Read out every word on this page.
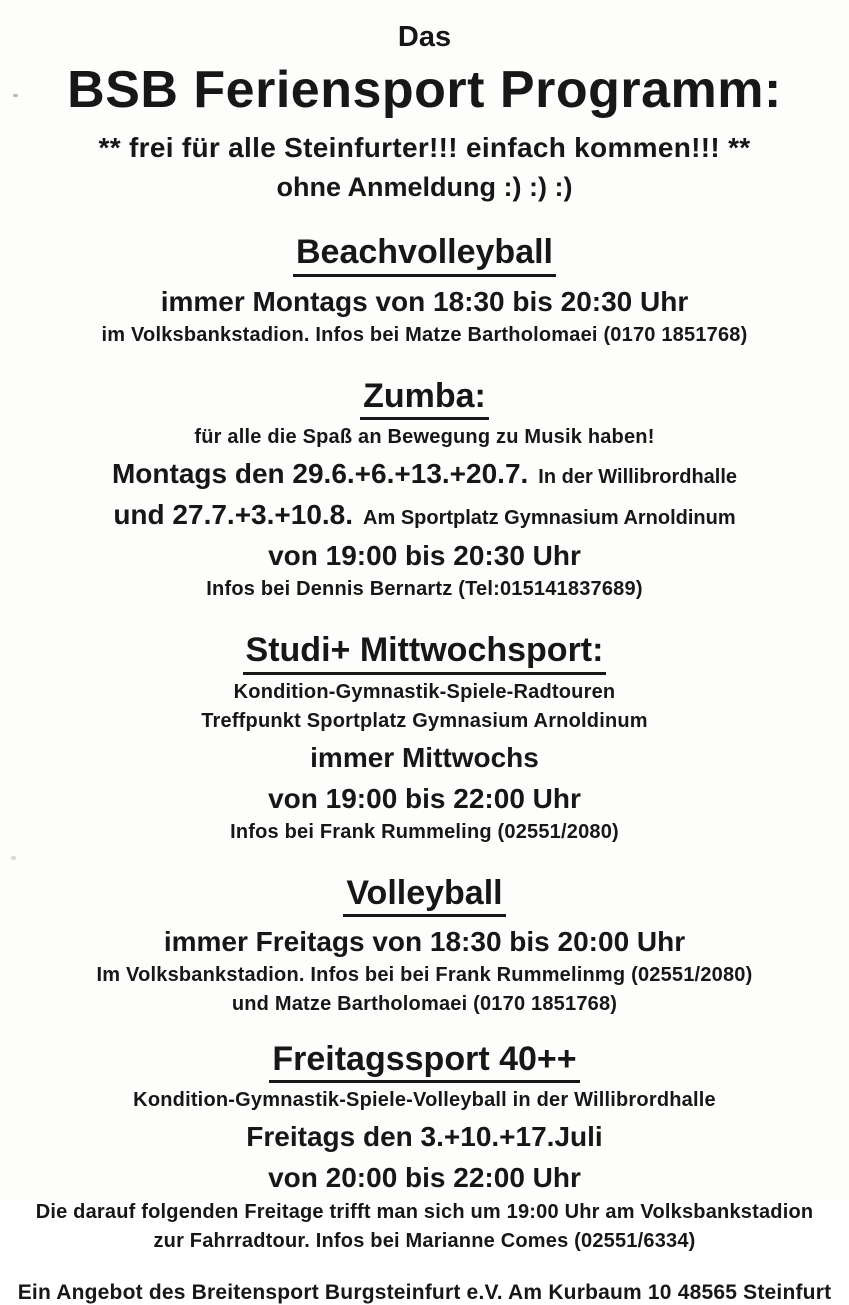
Das
BSB Feriensport Programm:
** frei für alle Steinfurter!!! einfach kommen!!! **
ohne Anmeldung :) :) :)
Beachvolleyball
immer Montags von 18:30 bis 20:30 Uhr
im Volksbankstadion. Infos bei Matze Bartholomaei (0170 1851768)
Zumba:
für alle die Spaß an Bewegung zu Musik haben!
Montags den 29.6.+6.+13.+20.7. In der Willibrordhalle
und 27.7.+3.+10.8. Am Sportplatz Gymnasium Arnoldinum
von 19:00 bis 20:30 Uhr
Infos bei Dennis Bernartz (Tel:015141837689)
Studi+ Mittwochsport:
Kondition-Gymnastik-Spiele-Radtouren
Treffpunkt Sportplatz Gymnasium Arnoldinum
immer Mittwochs
von 19:00 bis 22:00 Uhr
Infos bei Frank Rummeling (02551/2080)
Volleyball
immer Freitags von 18:30 bis 20:00 Uhr
Im Volksbankstadion. Infos bei bei Frank Rummelinmg (02551/2080)
und Matze Bartholomaei (0170 1851768)
Freitagssport 40++
Kondition-Gymnastik-Spiele-Volleyball in der Willibrordhalle
Freitags den 3.+10.+17.Juli
von 20:00 bis 22:00 Uhr
Die darauf folgenden Freitage trifft man sich um 19:00 Uhr am Volksbankstadion
zur Fahrradtour. Infos bei Marianne Comes (02551/6334)
Ein Angebot des Breitensport Burgsteinfurt e.V. Am Kurbaum 10 48565 Steinfurt
